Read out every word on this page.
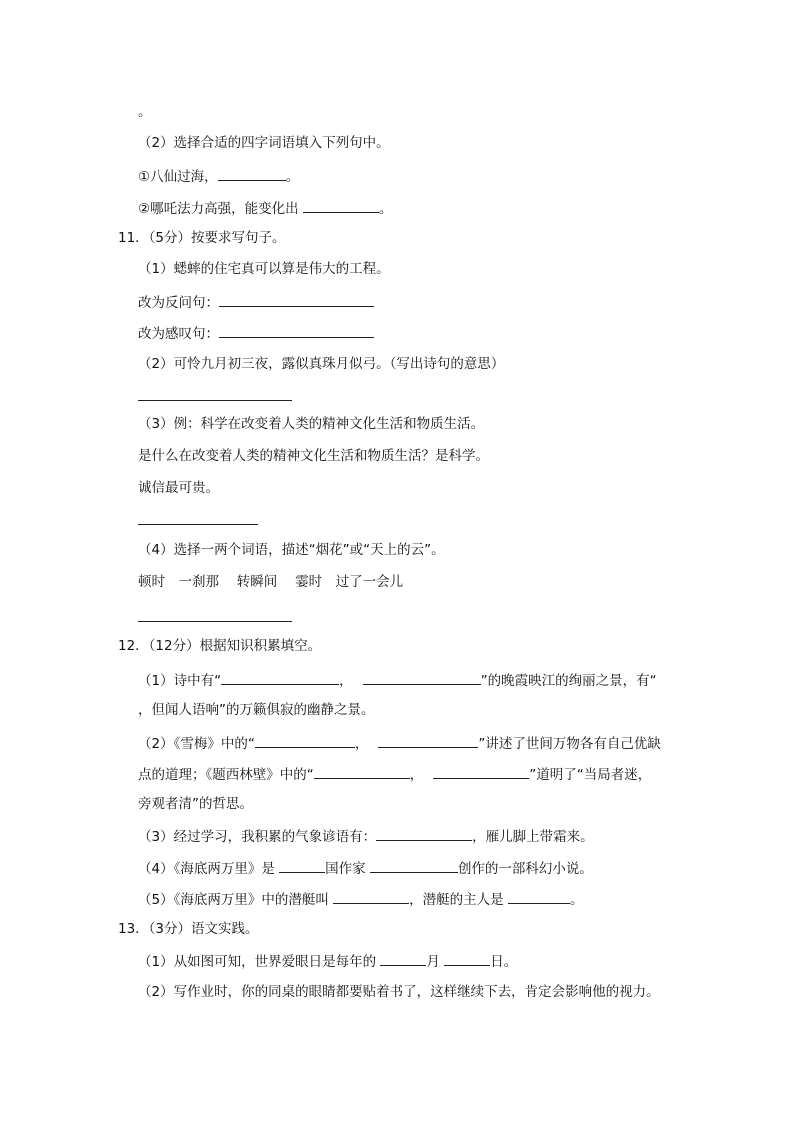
。
（2）选择合适的四字词语填入下列句中。
①八仙过海，	。
②哪吒法力高强，能变化出	。
11．（5分）按要求写句子。
（1）蟋蟀的住宅真可以算是伟大的工程。
改为反问句：
改为感叹句：
（2）可怜九月初三夜，露似真珠月似弓。（写出诗句的意思）
（3）例：科学在改变着人类的精神文化生活和物质生活。
是什么在改变着人类的精神文化生活和物质生活？是科学。
诚信最可贵。
（4）选择一两个词语，描述“烟花”或“天上的云”。
顿时　一刹那　 转瞬间　 霎时　过了一会儿
12．（12分）根据知识积累填空。
（1）诗中有“	，	”的晚霞映江的绚丽之景，有“
，但闻人语响”的万籁俱寂的幽静之景。
（2）《雪梅》中的“	，	”讲述了世间万物各有自己优缺
点的道理；《题西林壁》中的“	，	”道明了“当局者迷，
旁观者清”的哲思。
（3）经过学习，我积累的气象谚语有：	，雁儿脚上带霜来。
（4）《海底两万里》是	国作家	创作的一部科幻小说。
（5）《海底两万里》中的潜艇叫	，潜艇的主人是	。
13．（3分）语文实践。
（1）从如图可知，世界爱眼日是每年的	月	日。
（2）写作业时，你的同桌的眼睛都要贴着书了，这样继续下去，肯定会影响他的视力。
